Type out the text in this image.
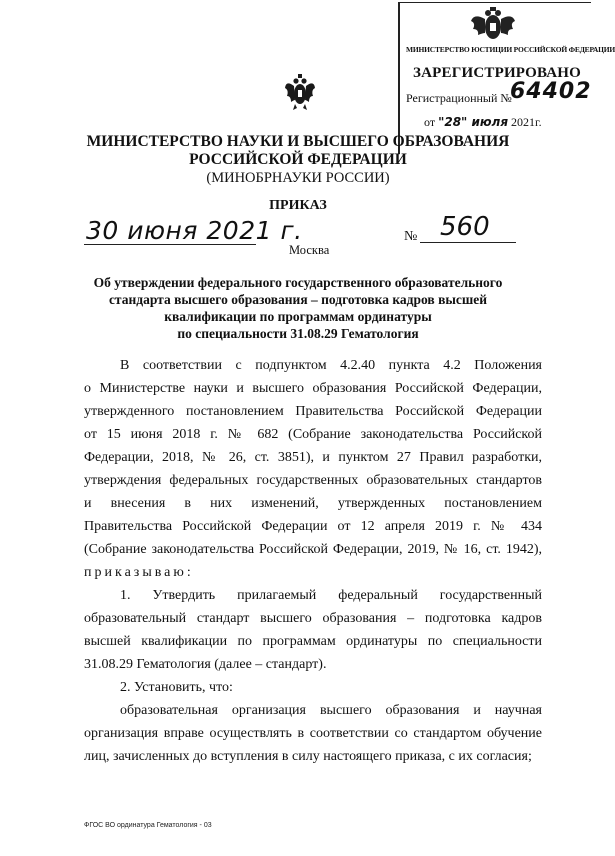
МИНИСТЕРСТВО ЮСТИЦИИ РОССИЙСКОЙ ФЕДЕРАЦИИ
ЗАРЕГИСТРИРОВАНО
Регистрационный №
64402
от "28" июля 2021г.
МИНИСТЕРСТВО НАУКИ И ВЫСШЕГО ОБРАЗОВАНИЯ
РОССИЙСКОЙ ФЕДЕРАЦИИ
(МИНОБРНАУКИ РОССИИ)
ПРИКАЗ
30 июня 2021 г.
Москва
№ 560
Об утверждении федерального государственного образовательного
стандарта высшего образования – подготовка кадров высшей
квалификации по программам ординатуры
по специальности 31.08.29 Гематология

В соответствии с подпунктом 4.2.40 пункта 4.2 Положения
о Министерстве науки и высшего образования Российской Федерации,
утвержденного постановлением Правительства Российской Федерации
от 15 июня 2018 г. № 682 (Собрание законодательства Российской
Федерации, 2018, № 26, ст. 3851), и пунктом 27 Правил разработки,
утверждения федеральных государственных образовательных стандартов
и внесения в них изменений, утвержденных постановлением
Правительства Российской Федерации от 12 апреля 2019 г. № 434
(Собрание законодательства Российской Федерации, 2019, № 16, ст. 1942),
приказываю:

1. Утвердить прилагаемый федеральный государственный
образовательный стандарт высшего образования – подготовка кадров
высшей квалификации по программам ординатуры по специальности
31.08.29 Гематология (далее – стандарт).

2. Установить, что:

образовательная организация высшего образования и научная
организация вправе осуществлять в соответствии со стандартом обучение
лиц, зачисленных до вступления в силу настоящего приказа, с их согласия;

ФГОС ВО ординатура Гематология - 03
